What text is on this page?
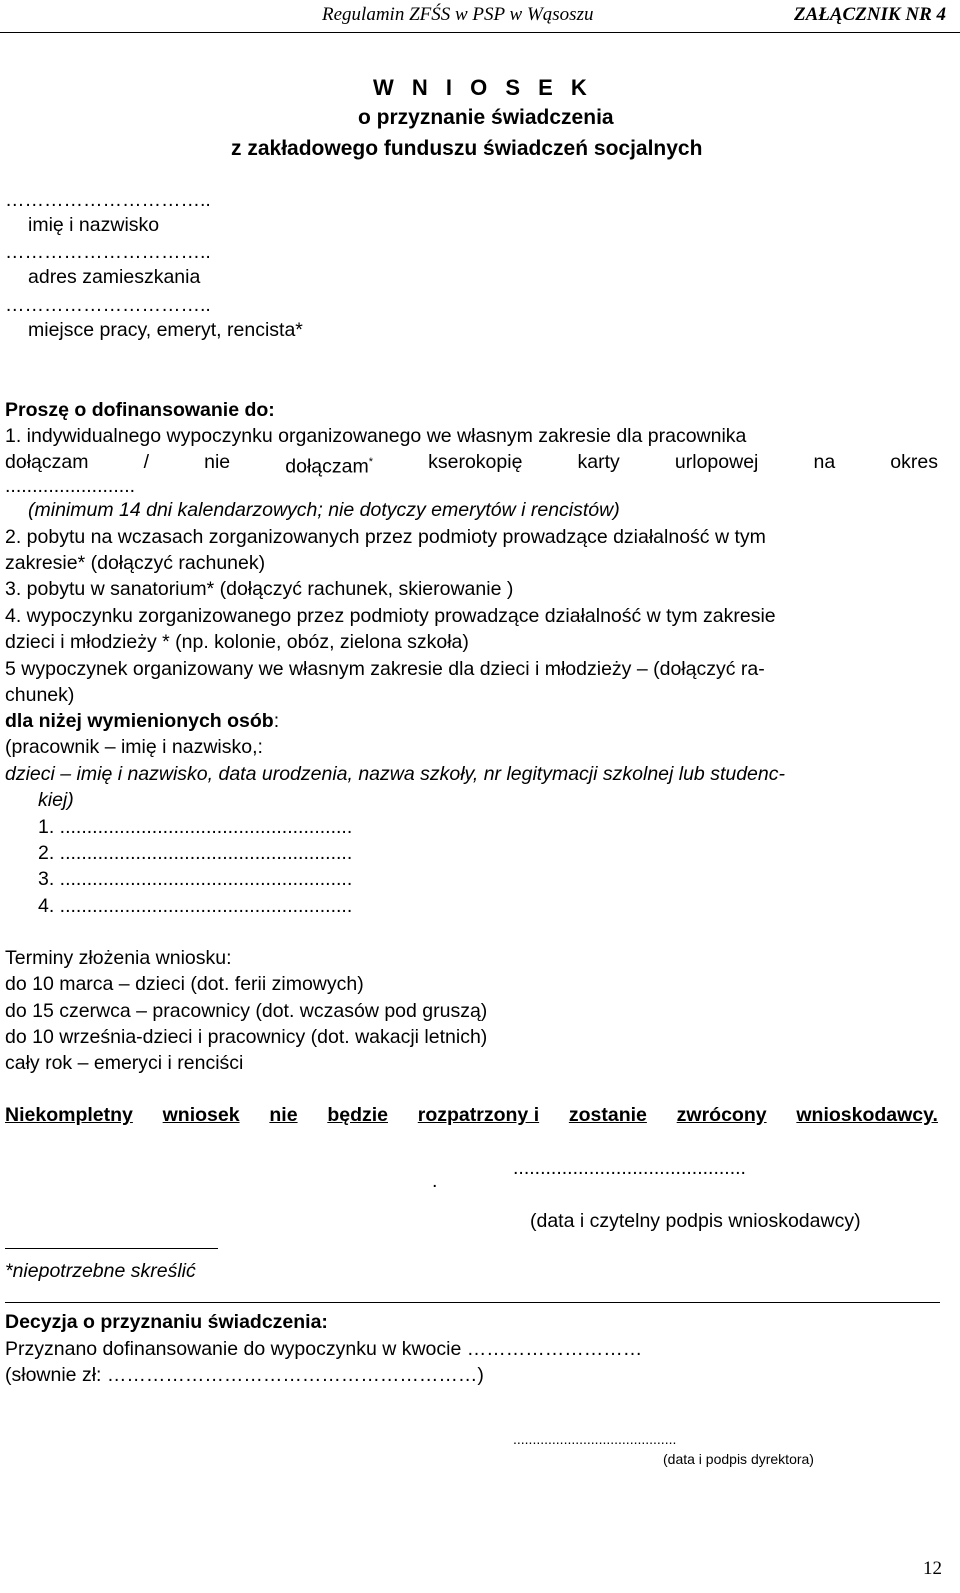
Regulamin ZFŚS w PSP w Wąsoszu	ZAŁĄCZNIK NR 4
W N I O S E K
o przyznanie świadczenia
z zakładowego funduszu świadczeń socjalnych
…………………………..
imię i nazwisko
…………………………..
adres zamieszkania
…………………………..
miejsce pracy, emeryt, rencista*
Proszę o dofinansowanie do:
1. indywidualnego wypoczynku organizowanego we własnym zakresie dla pracownika
dołączam	/	nie	dołączam*	kserokopię	karty	urlopowej	na	okres
........................
(minimum 14 dni kalendarzowych; nie dotyczy emerytów i rencistów)
2. pobytu na wczasach zorganizowanych przez podmioty prowadzące działalność w tym
zakresie* (dołączyć rachunek)
3. pobytu w sanatorium* (dołączyć rachunek, skierowanie )
4. wypoczynku zorganizowanego przez podmioty prowadzące działalność w tym zakresie
dzieci i młodzieży * (np. kolonie, obóz, zielona szkoła)
5 wypoczynek organizowany we własnym zakresie dla dzieci i młodzieży – (dołączyć ra-
chunek)
dla niżej wymienionych osób:
(pracownik – imię i nazwisko,:
dzieci – imię i nazwisko, data urodzenia, nazwa szkoły, nr legitymacji szkolnej lub studenc-
kiej)
1. ......................................................
2. ......................................................
3. ......................................................
4. ......................................................
Terminy złożenia wniosku:
do 10 marca – dzieci (dot. ferii zimowych)
do 15 czerwca – pracownicy (dot. wczasów pod gruszą)
do 10 września-dzieci i pracownicy (dot. wakacji letnich)
cały rok – emeryci i renciści
Niekompletny wniosek nie będzie rozpatrzony i zostanie zwrócony wnioskodawcy.
...........................................
.
(data i czytelny podpis wnioskodawcy)
*niepotrzebne skreślić
Decyzja o przyznaniu świadczenia:
Przyznano dofinansowanie do wypoczynku w kwocie ………………………
(słownie zł: …………………………………………………)
..........................................
(data i podpis dyrektora)
12
